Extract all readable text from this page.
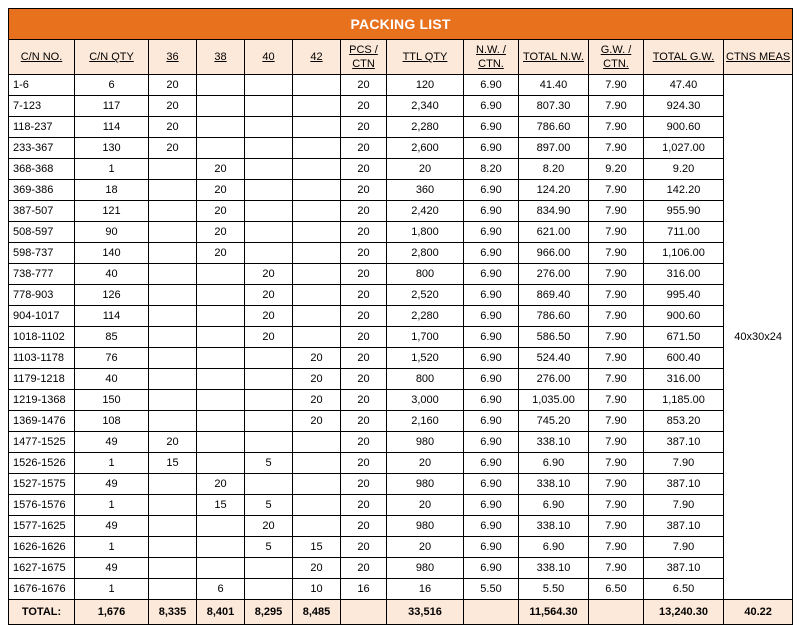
PACKING LIST												
C/N NO.	C/N QTY	36	38	40	42	PCS / CTN	TTL QTY	N.W. / CTN.	TOTAL N.W.	G.W. / CTN.	TOTAL G.W.	CTNS MEAS
1-6	6	20				20	120	6.90	41.40	7.90	47.40	40x30x24
7-123	117	20				20	2,340	6.90	807.30	7.90	924.30	
118-237	114	20				20	2,280	6.90	786.60	7.90	900.60	
233-367	130	20				20	2,600	6.90	897.00	7.90	1,027.00	
368-368	1		20			20	20	8.20	8.20	9.20	9.20	
369-386	18		20			20	360	6.90	124.20	7.90	142.20	
387-507	121		20			20	2,420	6.90	834.90	7.90	955.90	
508-597	90		20			20	1,800	6.90	621.00	7.90	711.00	
598-737	140		20			20	2,800	6.90	966.00	7.90	1,106.00	
738-777	40			20		20	800	6.90	276.00	7.90	316.00	
778-903	126			20		20	2,520	6.90	869.40	7.90	995.40	
904-1017	114			20		20	2,280	6.90	786.60	7.90	900.60	
1018-1102	85			20		20	1,700	6.90	586.50	7.90	671.50	
1103-1178	76				20	20	1,520	6.90	524.40	7.90	600.40	
1179-1218	40				20	20	800	6.90	276.00	7.90	316.00	
1219-1368	150				20	20	3,000	6.90	1,035.00	7.90	1,185.00	
1369-1476	108				20	20	2,160	6.90	745.20	7.90	853.20	
1477-1525	49	20				20	980	6.90	338.10	7.90	387.10	
1526-1526	1	15		5		20	20	6.90	6.90	7.90	7.90	
1527-1575	49		20			20	980	6.90	338.10	7.90	387.10	
1576-1576	1		15	5		20	20	6.90	6.90	7.90	7.90	
1577-1625	49			20		20	980	6.90	338.10	7.90	387.10	
1626-1626	1			5	15	20	20	6.90	6.90	7.90	7.90	
1627-1675	49				20	20	980	6.90	338.10	7.90	387.10	
1676-1676	1		6		10	16	16	5.50	5.50	6.50	6.50	
TOTAL:	1,676	8,335	8,401	8,295	8,485		33,516		11,564.30		13,240.30	40.22
